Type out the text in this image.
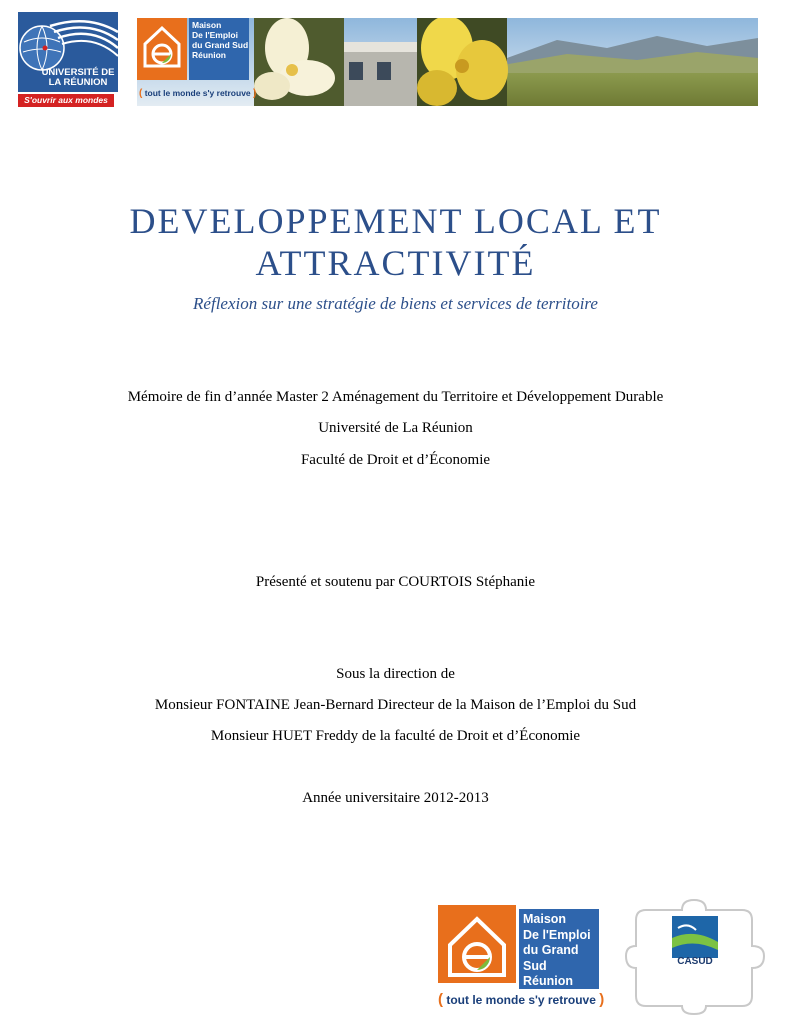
UNIVERSITÉ DE
LA RÉUNION
S'ouvrir aux mondes
Maison
De l'Emploi
du Grand Sud
Réunion
( tout le monde s'y retrouve )
DEVELOPPEMENT LOCAL ET
ATTRACTIVITÉ
Réflexion sur une stratégie de biens et services de territoire
Mémoire de fin d’année Master 2 Aménagement du Territoire et Développement Durable
Université de La Réunion
Faculté de Droit et d’Économie
Présenté et soutenu par COURTOIS Stéphanie
Sous la direction de
Monsieur FONTAINE Jean-Bernard Directeur de la Maison de l’Emploi du Sud
Monsieur HUET Freddy de la faculté de Droit et d’Économie
Année universitaire 2012-2013
Maison
De l'Emploi
du Grand Sud
Réunion
( tout le monde s'y retrouve )
CASUD
